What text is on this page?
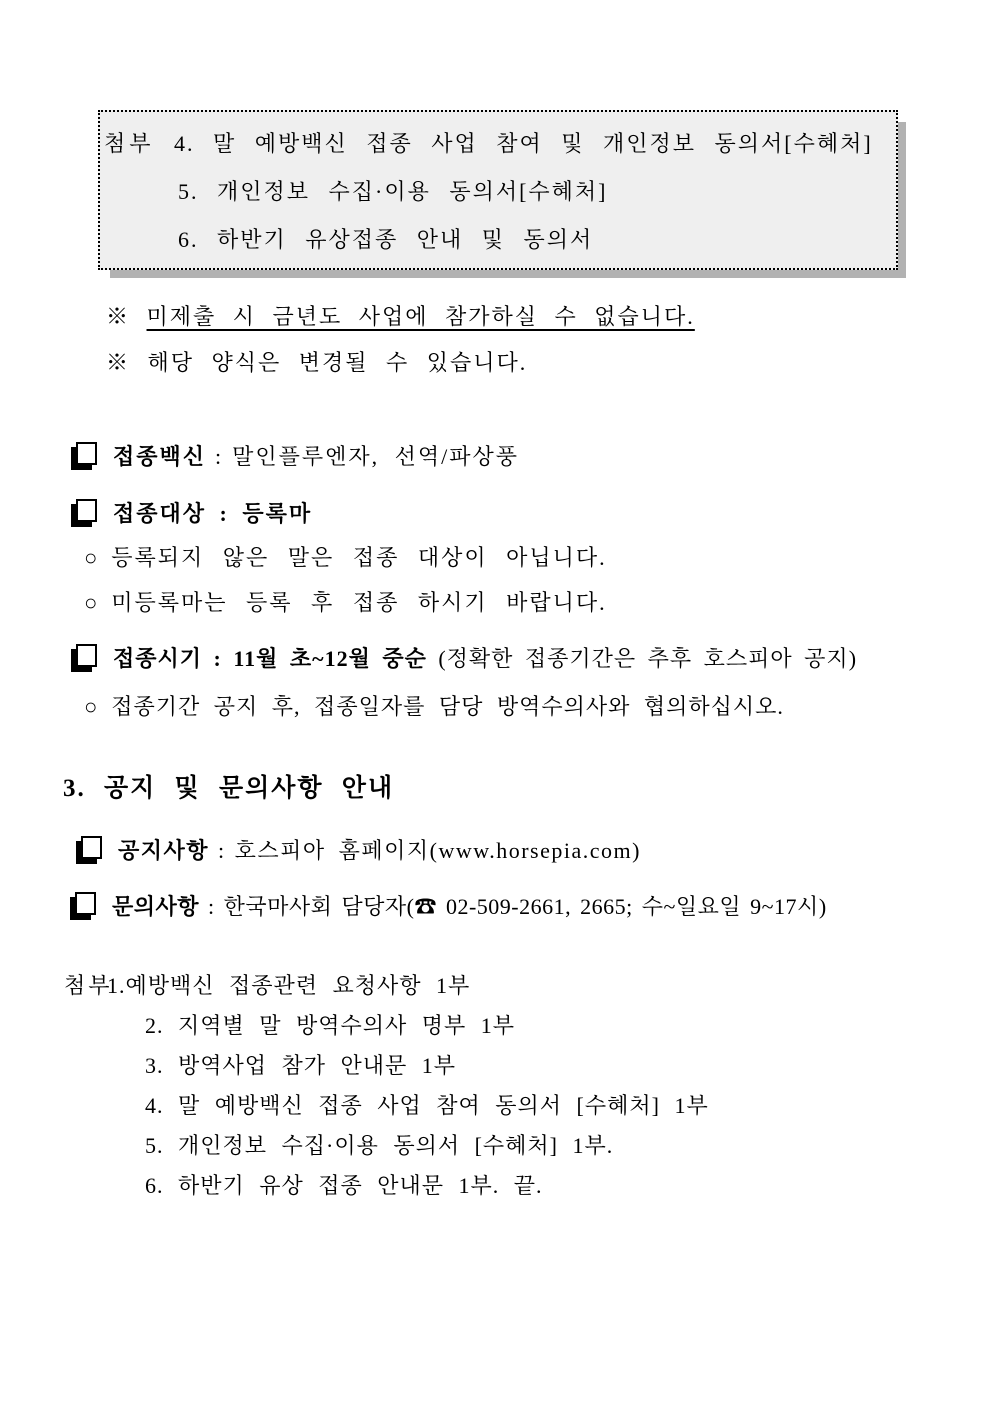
첨부 4. 말 예방백신 접종 사업 참여 및 개인정보 동의서[수혜처]
5. 개인정보 수집·이용 동의서[수혜처]
6. 하반기 유상접종 안내 및 동의서
※ 미제출 시 금년도 사업에 참가하실 수 없습니다.
※ 해당 양식은 변경될 수 있습니다.
접종백신 : 말인플루엔자, 선역/파상풍
접종대상 : 등록마
○ 등록되지 않은 말은 접종 대상이 아닙니다.
○ 미등록마는 등록 후 접종 하시기 바랍니다.
접종시기 : 11월 초~12월 중순 (정확한 접종기간은 추후 호스피아 공지)
○ 접종기간 공지 후, 접종일자를 담당 방역수의사와 협의하십시오.
3. 공지 및 문의사항 안내
공지사항 : 호스피아 홈페이지(www.horsepia.com)
문의사항 : 한국마사회 담당자(☎ 02-509-2661, 2665; 수~일요일 9~17시)
첨부1.예방백신 접종관련 요청사항 1부
2. 지역별 말 방역수의사 명부 1부
3. 방역사업 참가 안내문 1부
4. 말 예방백신 접종 사업 참여 동의서 [수혜처] 1부
5. 개인정보 수집·이용 동의서 [수혜처] 1부.
6. 하반기 유상 접종 안내문 1부. 끝.
